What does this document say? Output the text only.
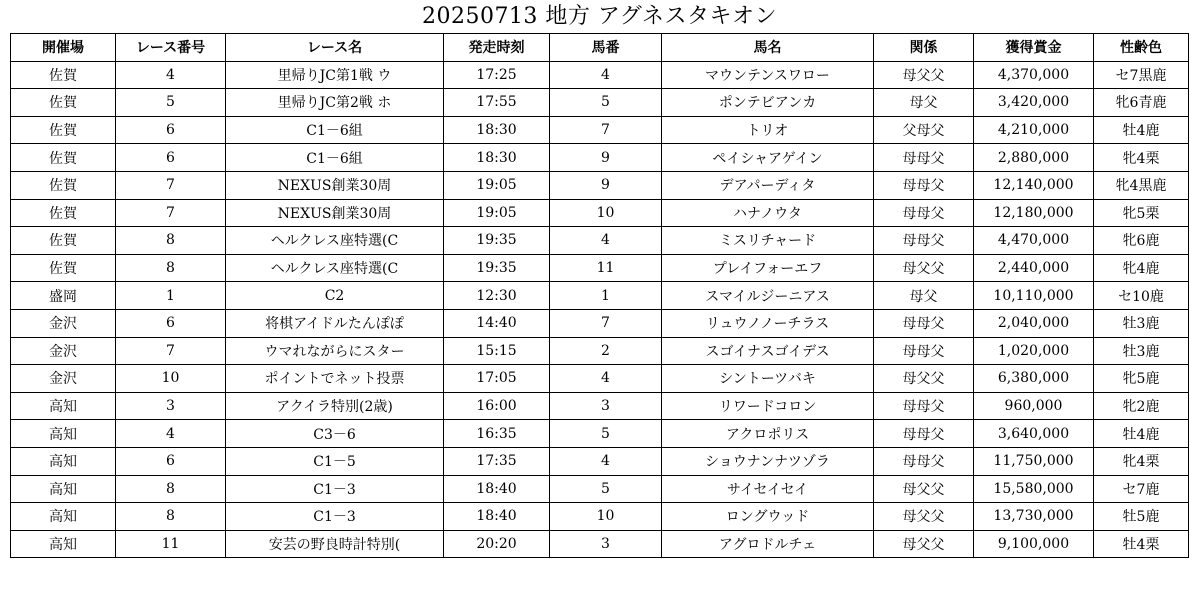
20250713 地方 アグネスタキオン
開催場	レース番号	レース名	発走時刻	馬番	馬名	関係	獲得賞金	性齢色
佐賀	4	里帰りJC第1戦 ウ	17:25	4	マウンテンスワロー	母父父	4,370,000	セ7黒鹿
佐賀	5	里帰りJC第2戦 ホ	17:55	5	ポンテビアンカ	母父	3,420,000	牝6青鹿
佐賀	6	C1－6組	18:30	7	トリオ	父母父	4,210,000	牡4鹿
佐賀	6	C1－6組	18:30	9	ペイシャアゲイン	母母父	2,880,000	牝4栗
佐賀	7	NEXUS創業30周	19:05	9	デアパーディタ	母母父	12,140,000	牝4黒鹿
佐賀	7	NEXUS創業30周	19:05	10	ハナノウタ	母母父	12,180,000	牝5栗
佐賀	8	ヘルクレス座特選(C	19:35	4	ミスリチャード	母母父	4,470,000	牝6鹿
佐賀	8	ヘルクレス座特選(C	19:35	11	プレイフォーエフ	母父父	2,440,000	牝4鹿
盛岡	1	C2	12:30	1	スマイルジーニアス	母父	10,110,000	セ10鹿
金沢	6	将棋アイドルたんぽぽ	14:40	7	リュウノノーチラス	母母父	2,040,000	牡3鹿
金沢	7	ウマれながらにスター	15:15	2	スゴイナスゴイデス	母母父	1,020,000	牡3鹿
金沢	10	ポイントでネット投票	17:05	4	シントーツバキ	母父父	6,380,000	牝5鹿
高知	3	アクイラ特別(2歳)	16:00	3	リワードコロン	母母父	960,000	牝2鹿
高知	4	C3－6	16:35	5	アクロポリス	母母父	3,640,000	牡4鹿
高知	6	C1－5	17:35	4	ショウナンナツゾラ	母母父	11,750,000	牝4栗
高知	8	C1－3	18:40	5	サイセイセイ	母父父	15,580,000	セ7鹿
高知	8	C1－3	18:40	10	ロングウッド	母父父	13,730,000	牡5鹿
高知	11	安芸の野良時計特別(	20:20	3	アグロドルチェ	母父父	9,100,000	牡4栗
